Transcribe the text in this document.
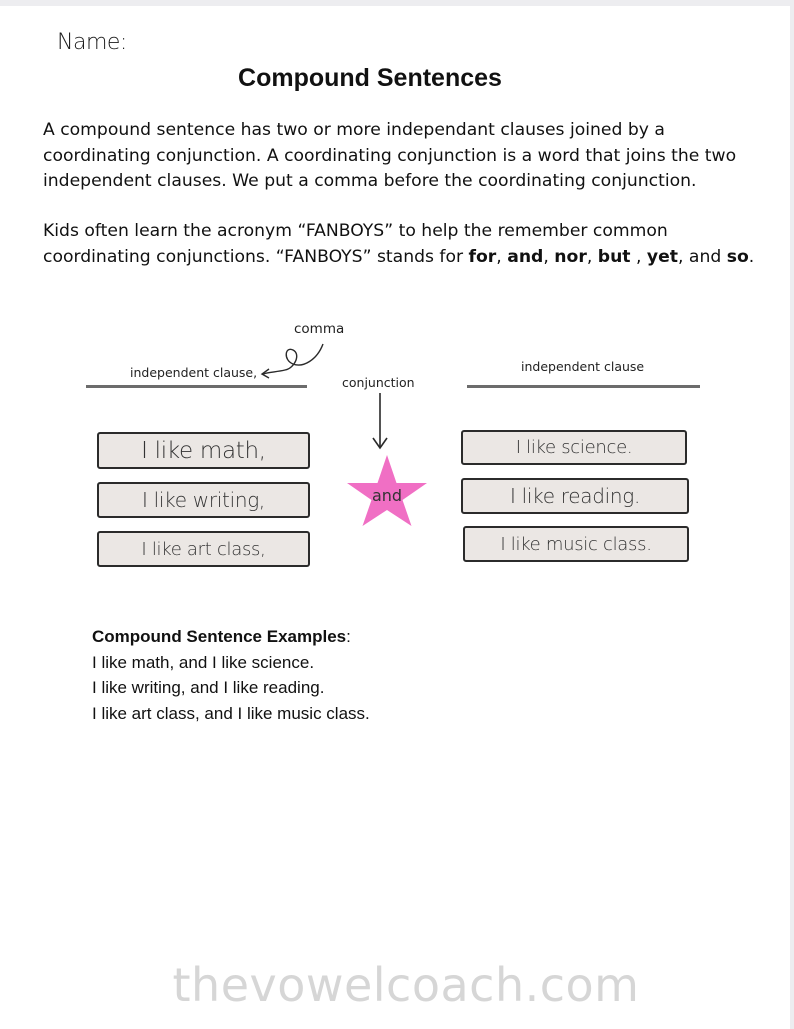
Name:
Compound Sentences

A compound sentence has two or more independant clauses joined by a coordinating conjunction. A coordinating conjunction is a word that joins the two independent clauses. We put a comma before the coordinating conjunction.

Kids often learn the acronym “FANBOYS” to help the remember common coordinating conjunctions. “FANBOYS” stands for for, and, nor, but , yet, and so.

comma
conjunction
independent clause,	independent clause
I like math,
I like writing,
I like art class,
and
I like science.
I like reading.
I like music class.
Compound Sentence Examples:
I like math, and I like science.
I like writing, and I like reading.
I like art class, and I like music class.
thevowelcoach.com
